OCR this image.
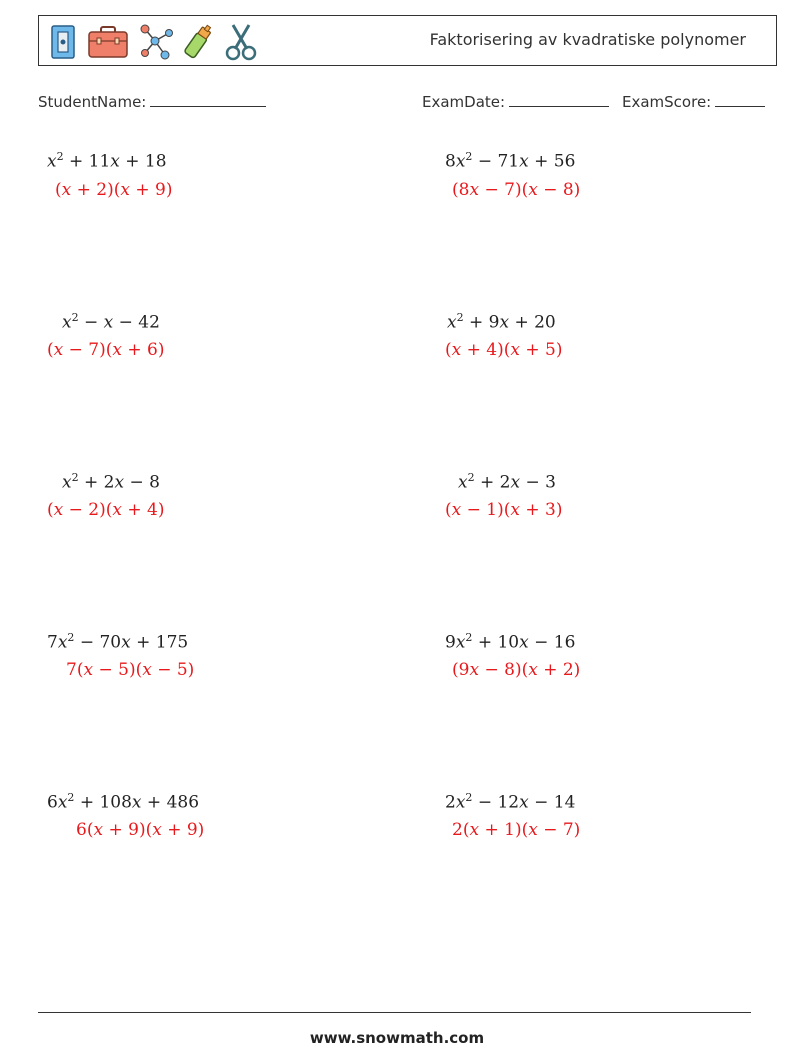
Faktorisering av kvadratiske polynomer
StudentName:	ExamDate:	ExamScore:
$x^2 + 11x + 18$
(x + 2)(x + 9)
$x^2 - x - 42$
(x − 7)(x + 6)
$x^2 + 2x - 8$
(x − 2)(x + 4)
$7x^2 - 70x + 175$
7(x − 5)(x − 5)
$6x^2 + 108x + 486$
6(x + 9)(x + 9)
$8x^2 - 71x + 56$
(8x − 7)(x − 8)
$x^2 + 9x + 20$
(x + 4)(x + 5)
$x^2 + 2x - 3$
(x − 1)(x + 3)
$9x^2 + 10x - 16$
(9x − 8)(x + 2)
$2x^2 - 12x - 14$
2(x + 1)(x − 7)
www.snowmath.com
